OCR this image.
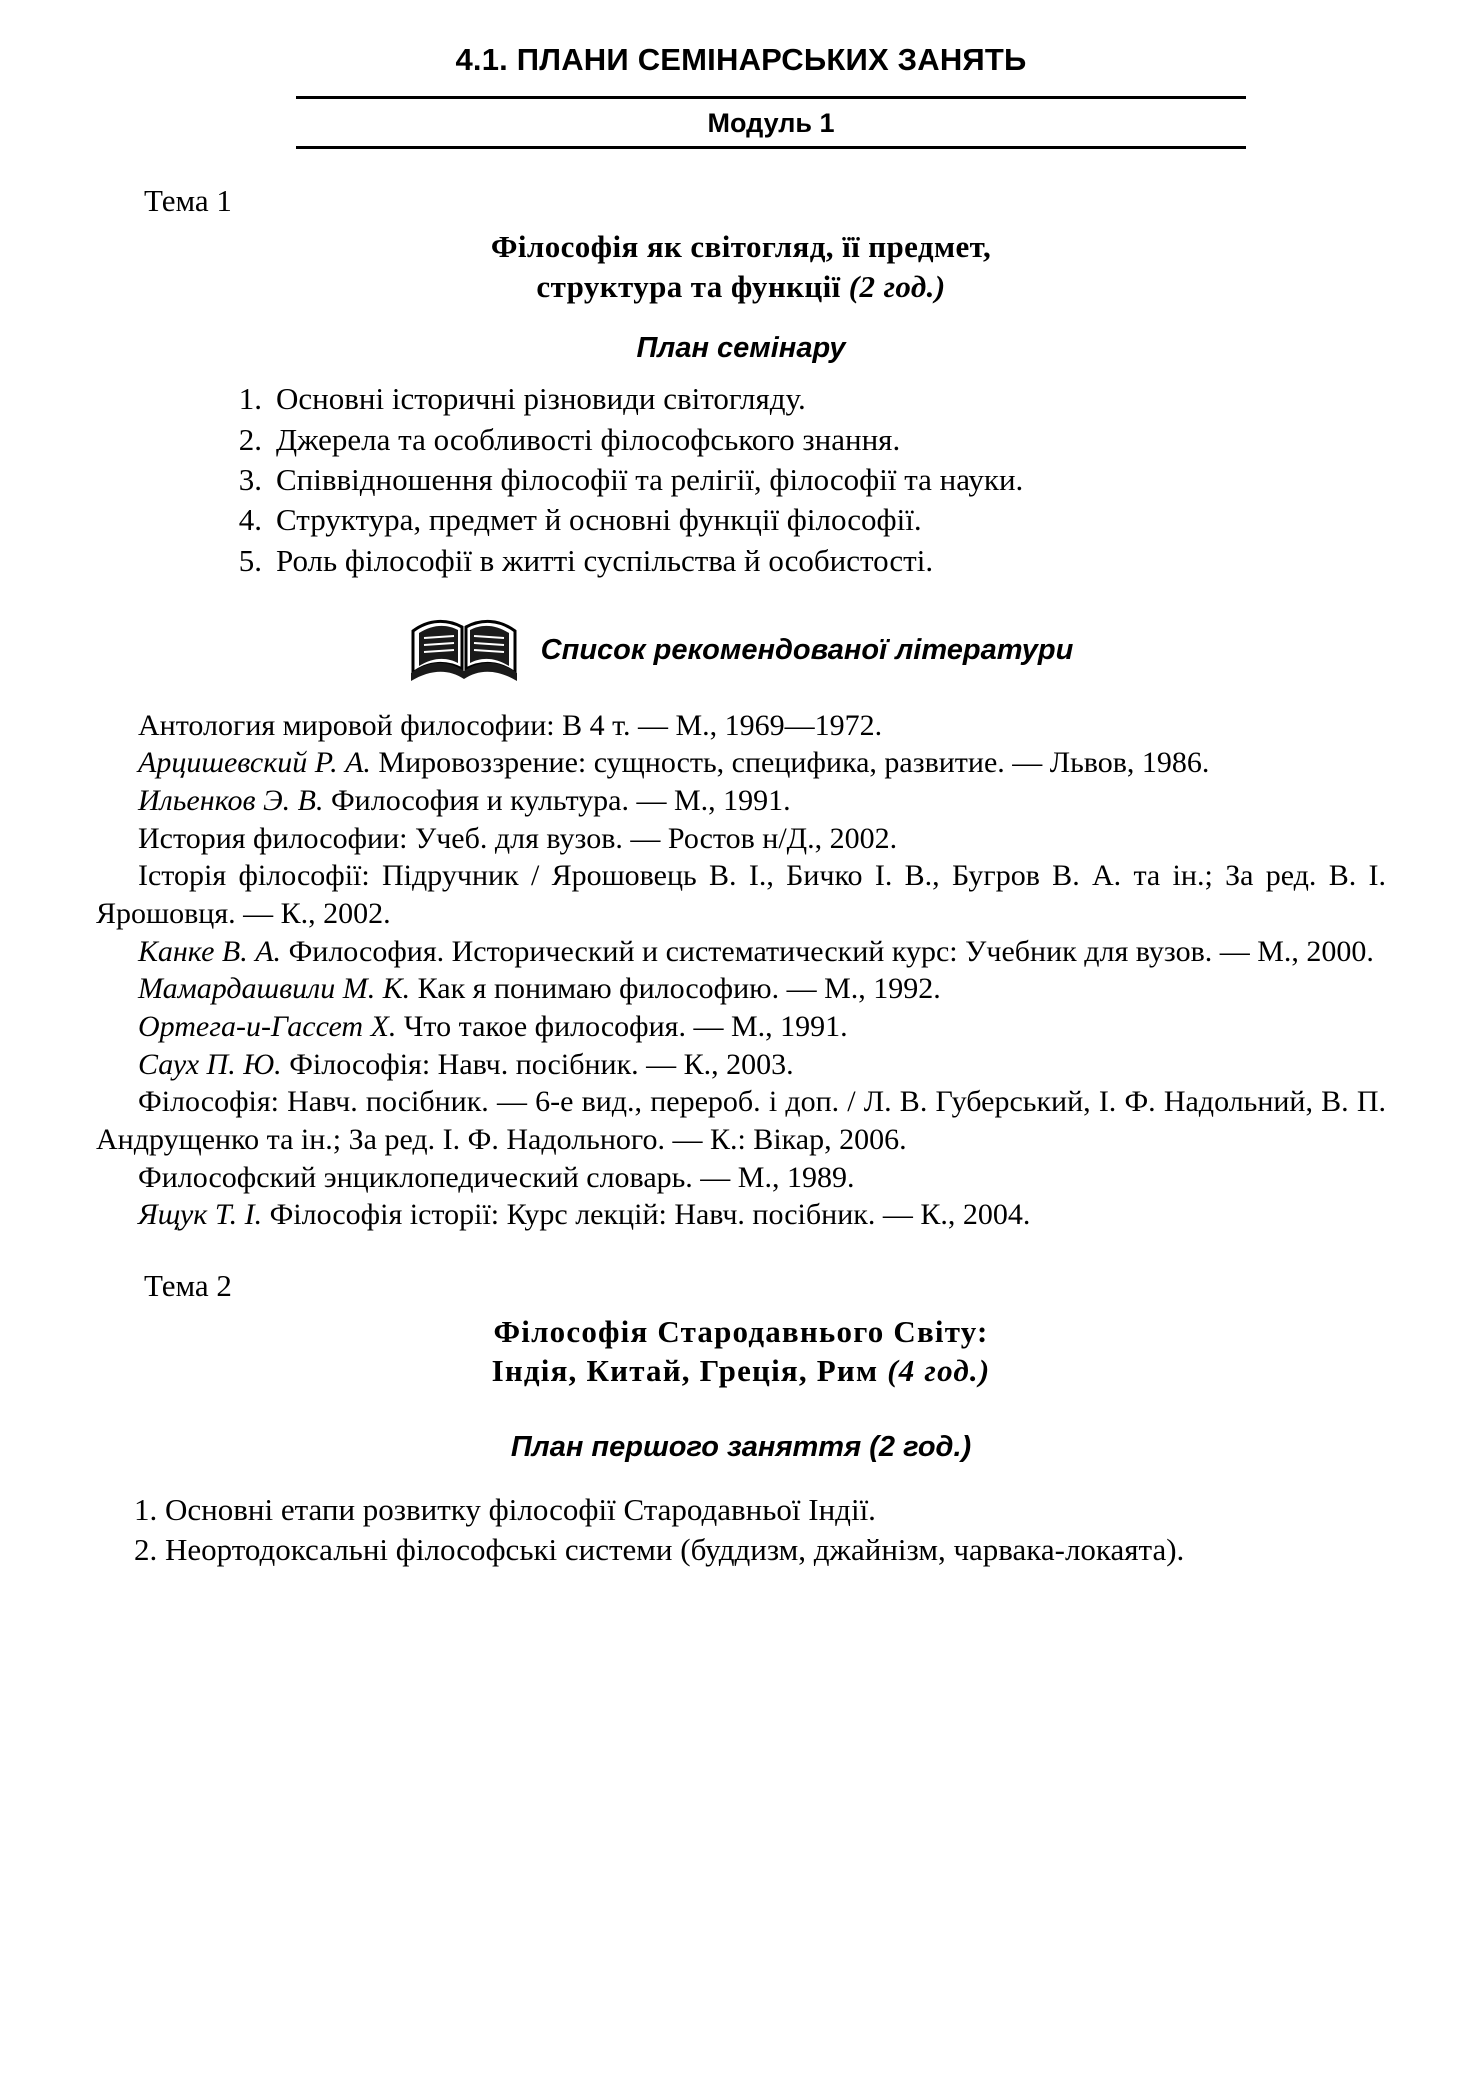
4.1. ПЛАНИ СЕМІНАРСЬКИХ ЗАНЯТЬ
Модуль 1
Тема 1
Філософія як світогляд, її предмет,
структура та функції (2 год.)
План семінару
1. Основні історичні різновиди світогляду.
2. Джерела та особливості філософського знання.
3. Співвідношення філософії та релігії, філософії та науки.
4. Структура, предмет й основні функції філософії.
5. Роль філософії в житті суспільства й особистості.
Список рекомендованої літератури

Антология мировой философии: В 4 т. — М., 1969—1972.

Арцишевский Р. А. Мировоззрение: сущность, специфика, развитие. — Львов, 1986.

Ильенков Э. В. Философия и культура. — М., 1991.

История философии: Учеб. для вузов. — Ростов н/Д., 2002.

Історія філософії: Підручник / Ярошовець В. І., Бичко І. В., Бугров В. А. та ін.; За ред. В. І. Ярошовця. — К., 2002.

Канке В. А. Философия. Исторический и систематический курс: Учебник для вузов. — М., 2000.

Мамардашвили М. К. Как я понимаю философию. — М., 1992.

Ортега-и-Гассет Х. Что такое философия. — М., 1991.

Саух П. Ю. Філософія: Навч. посібник. — К., 2003.

Філософія: Навч. посібник. — 6-е вид., перероб. і доп. / Л. В. Губерський, І. Ф. Надольний, В. П. Андрущенко та ін.; За ред. І. Ф. Надольного. — К.: Вікар, 2006.

Философский энциклопедический словарь. — М., 1989.

Ящук Т. І. Філософія історії: Курс лекцій: Навч. посібник. — К., 2004.

Тема 2
Філософія Стародавнього Світу:
Індія, Китай, Греція, Рим (4 год.)
План першого заняття (2 год.)

1. Основні етапи розвитку філософії Стародавньої Індії.

2. Неортодоксальні філософські системи (буддизм, джайнізм, чарвака-локаята).
